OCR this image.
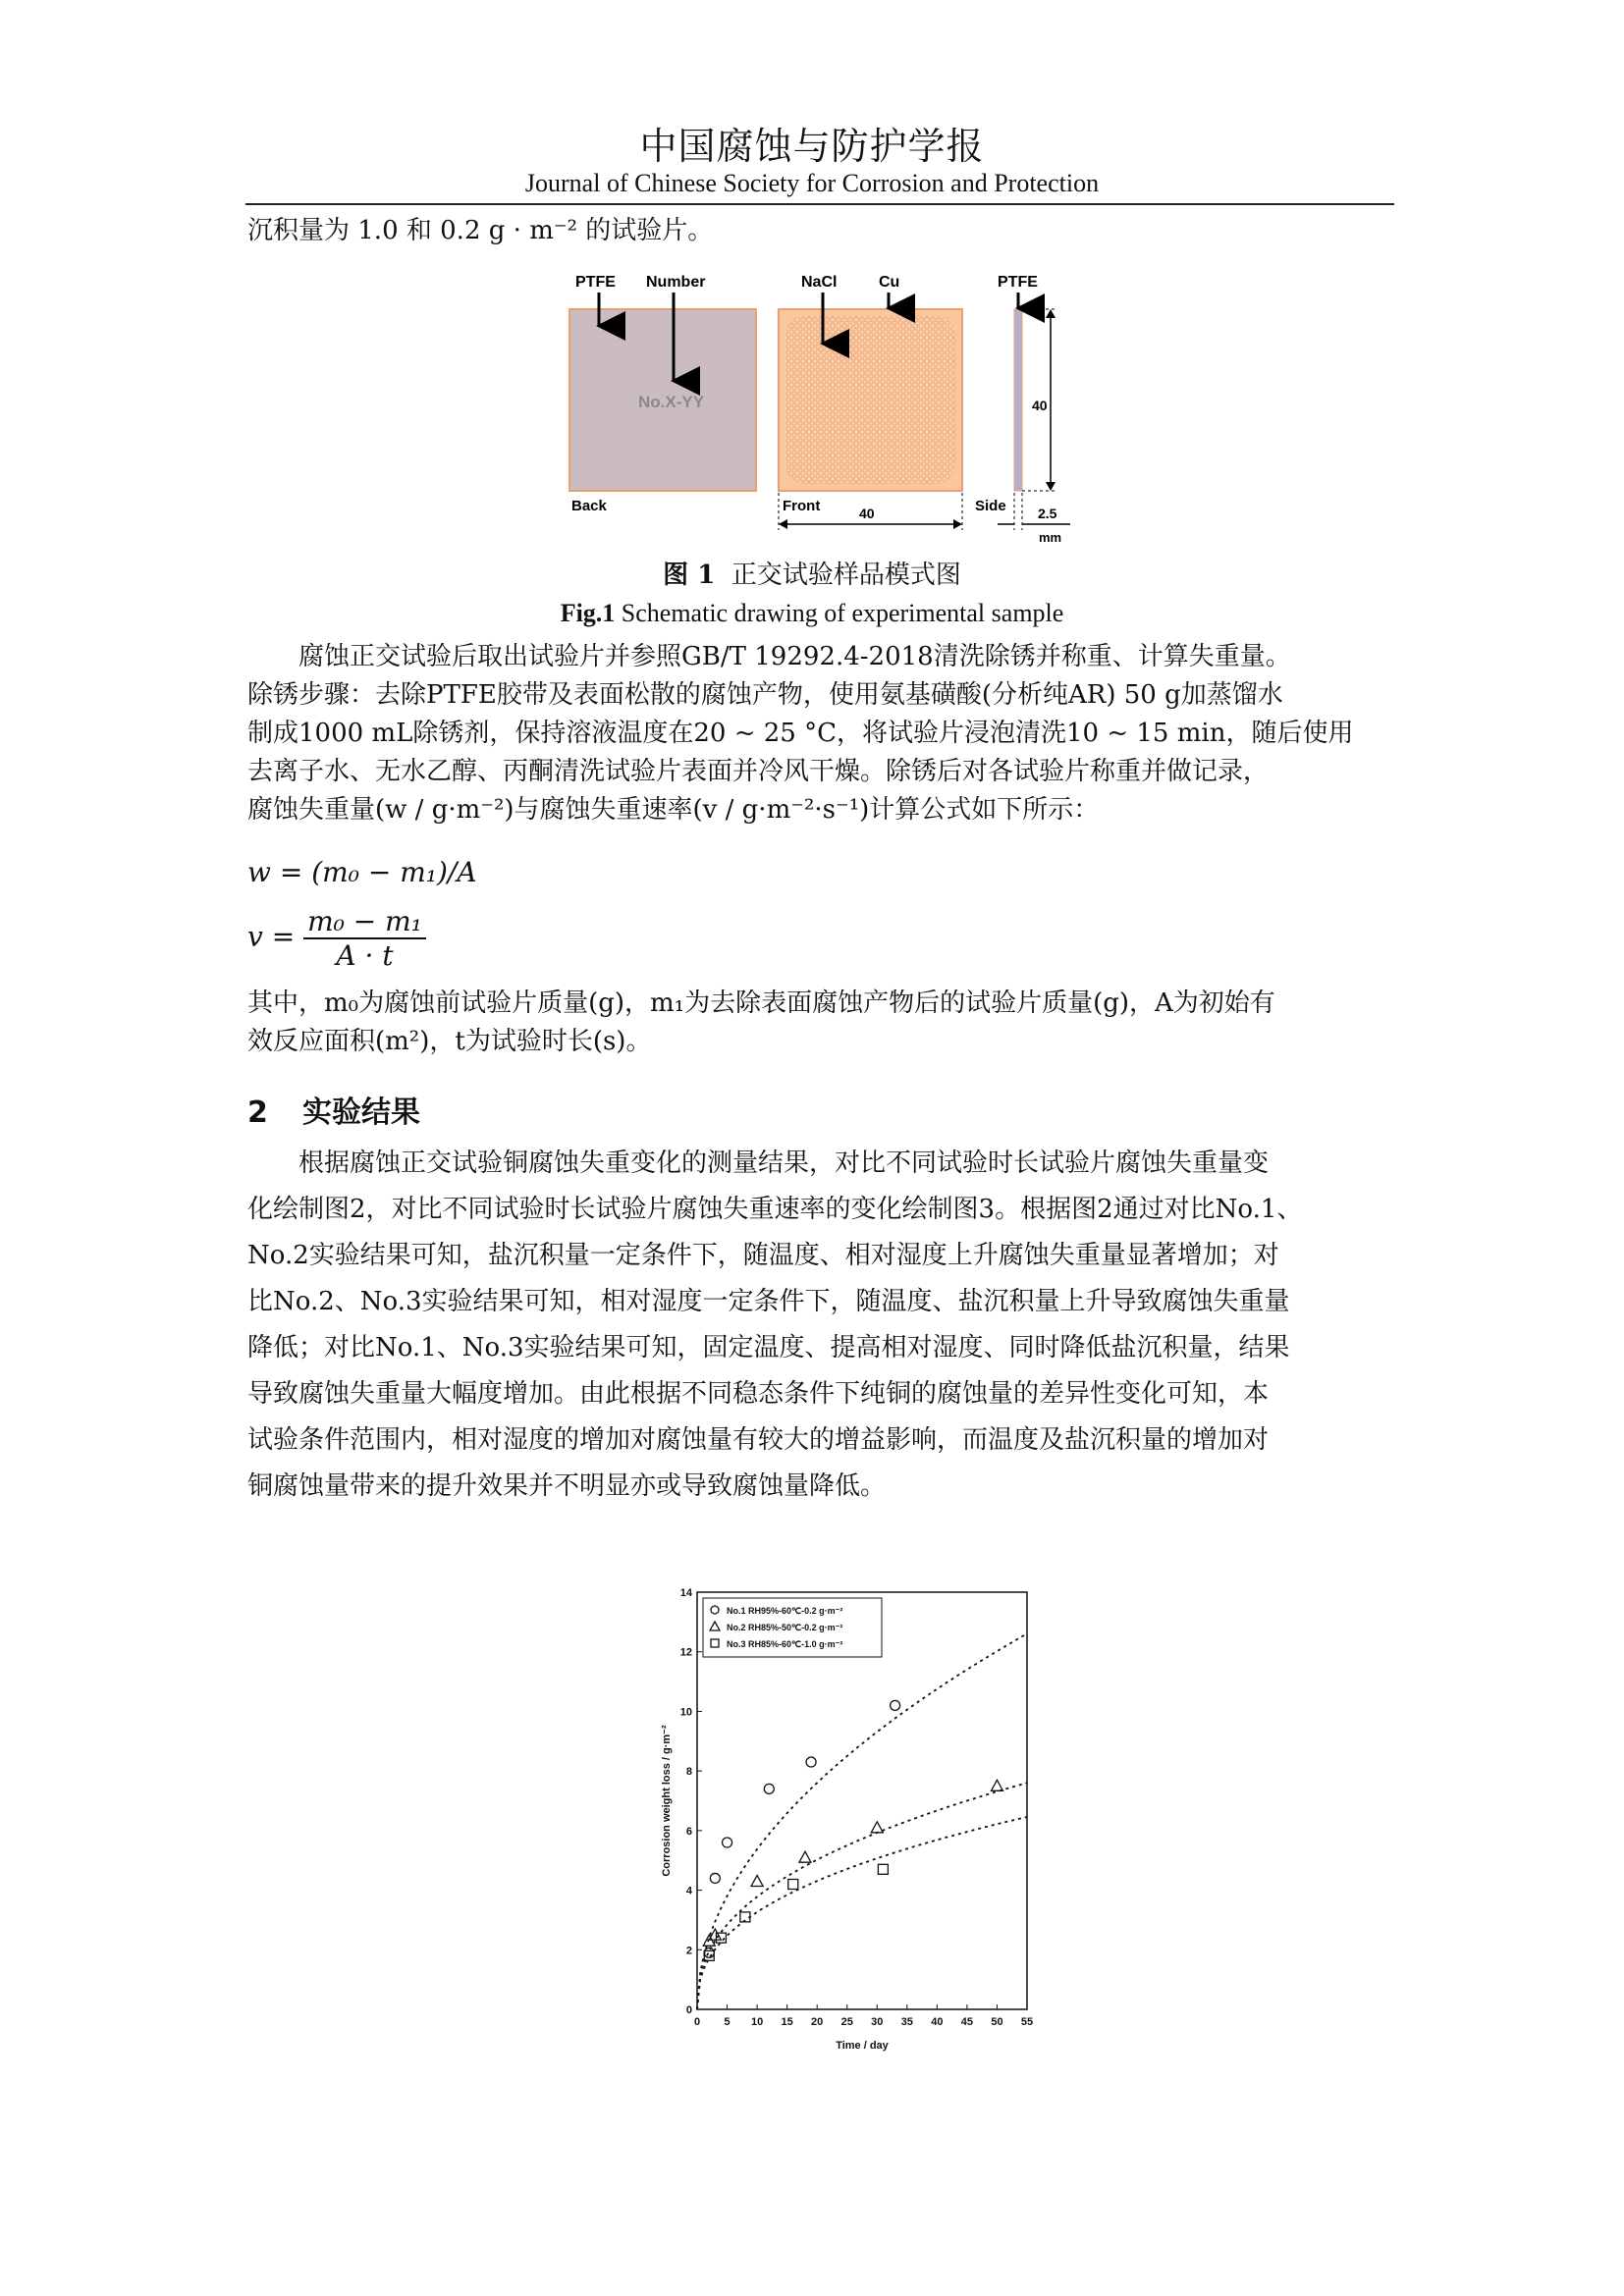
中国腐蚀与防护学报
Journal of Chinese Society for Corrosion and Protection

沉积量为 1.0 和 0.2 g · m⁻² 的试验片。

No.X-YY
PTFE Number	NaCl	Cu	PTFE
40
Back	Front	Side
40	2.5
mm
图 1 正交试验样品模式图
Fig.1 Schematic drawing of experimental sample
腐蚀正交试验后取出试验片并参照GB/T 19292.4-2018清洗除锈并称重、计算失重量。
除锈步骤：去除PTFE胶带及表面松散的腐蚀产物，使用氨基磺酸(分析纯AR) 50 g加蒸馏水
制成1000 mL除锈剂，保持溶液温度在20 ~ 25 °C，将试验片浸泡清洗10 ~ 15 min，随后使用
去离子水、无水乙醇、丙酮清洗试验片表面并冷风干燥。除锈后对各试验片称重并做记录，
腐蚀失重量(w / g·m⁻²)与腐蚀失重速率(v / g·m⁻²·s⁻¹)计算公式如下所示：
w = (m₀ − m₁)/A
$v = \frac{\text{m₀ − m₁}}{A \cdot t}$
其中，m₀为腐蚀前试验片质量(g)，m₁为去除表面腐蚀产物后的试验片质量(g)，A为初始有
效反应面积(m²)，t为试验时长(s)。
2 实验结果
根据腐蚀正交试验铜腐蚀失重变化的测量结果，对比不同试验时长试验片腐蚀失重量变
化绘制图2，对比不同试验时长试验片腐蚀失重速率的变化绘制图3。根据图2通过对比No.1、
No.2实验结果可知，盐沉积量一定条件下，随温度、相对湿度上升腐蚀失重量显著增加；对
比No.2、No.3实验结果可知，相对湿度一定条件下，随温度、盐沉积量上升导致腐蚀失重量
降低；对比No.1、No.3实验结果可知，固定温度、提高相对湿度、同时降低盐沉积量，结果
导致腐蚀失重量大幅度增加。由此根据不同稳态条件下纯铜的腐蚀量的差异性变化可知，本
试验条件范围内，相对湿度的增加对腐蚀量有较大的增益影响，而温度及盐沉积量的增加对
铜腐蚀量带来的提升效果并不明显亦或导致腐蚀量降低。
0 5 10 15 20 25 30 35 40 45 50 55
0
2
4
6
8
10
12
14
Time / day
Corrosion weight loss / g·m⁻²
No.1 RH95%-60℃-0.2 g·m⁻²
No.2 RH85%-50℃-0.2 g·m⁻²
No.3 RH85%-60℃-1.0 g·m⁻²
